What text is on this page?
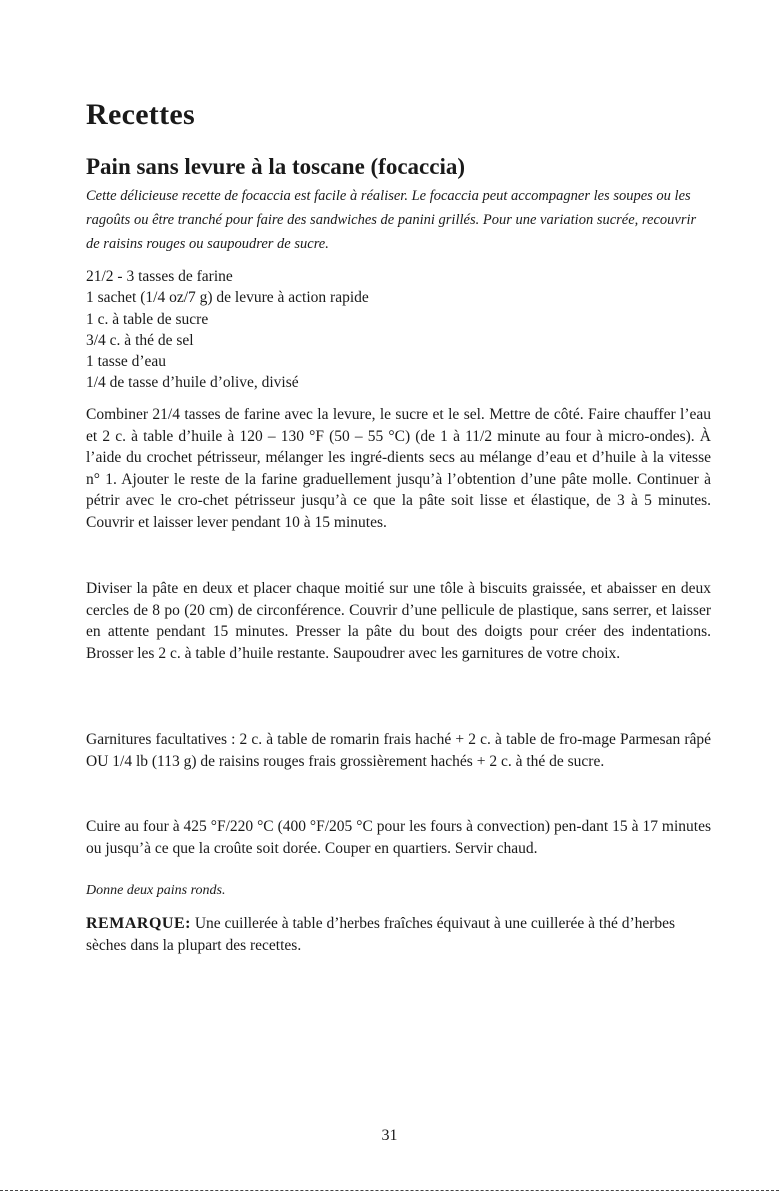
Recettes
Pain sans levure à la toscane (focaccia)

Cette délicieuse recette de focaccia est facile à réaliser. Le focaccia peut accompagner les soupes ou les ragoûts ou être tranché pour faire des sandwiches de panini grillés. Pour une variation sucrée, recouvrir de raisins rouges ou saupoudrer de sucre.

21/2 - 3 tasses de farine
1 sachet (1/4 oz/7 g) de levure à action rapide
1 c. à table de sucre
3/4 c. à thé de sel
1 tasse d’eau
1/4 de tasse d’huile d’olive, divisé

Combiner 21/4 tasses de farine avec la levure, le sucre et le sel. Mettre de côté. Faire chauffer l’eau et 2 c. à table d’huile à 120 – 130 °F (50 – 55 °C) (de 1 à 11/2 minute au four à micro-ondes). À l’aide du crochet pétrisseur, mélanger les ingré-dients secs au mélange d’eau et d’huile à la vitesse n° 1. Ajouter le reste de la farine graduellement jusqu’à l’obtention d’une pâte molle. Continuer à pétrir avec le cro-chet pétrisseur jusqu’à ce que la pâte soit lisse et élastique, de 3 à 5 minutes. Couvrir et laisser lever pendant 10 à 15 minutes.

Diviser la pâte en deux et placer chaque moitié sur une tôle à biscuits graissée, et abaisser en deux cercles de 8 po (20 cm) de circonférence. Couvrir d’une pellicule de plastique, sans serrer, et laisser en attente pendant 15 minutes. Presser la pâte du bout des doigts pour créer des indentations. Brosser les 2 c. à table d’huile restante. Saupoudrer avec les garnitures de votre choix.

Garnitures facultatives : 2 c. à table de romarin frais haché + 2 c. à table de fro-mage Parmesan râpé OU 1/4 lb (113 g) de raisins rouges frais grossièrement hachés + 2 c. à thé de sucre.

Cuire au four à 425 °F/220 °C (400 °F/205 °C pour les fours à convection) pen-dant 15 à 17 minutes ou jusqu’à ce que la croûte soit dorée. Couper en quartiers. Servir chaud.

Donne deux pains ronds.

REMARQUE: Une cuillerée à table d’herbes fraîches équivaut à une cuillerée à thé d’herbes sèches dans la plupart des recettes.

31
